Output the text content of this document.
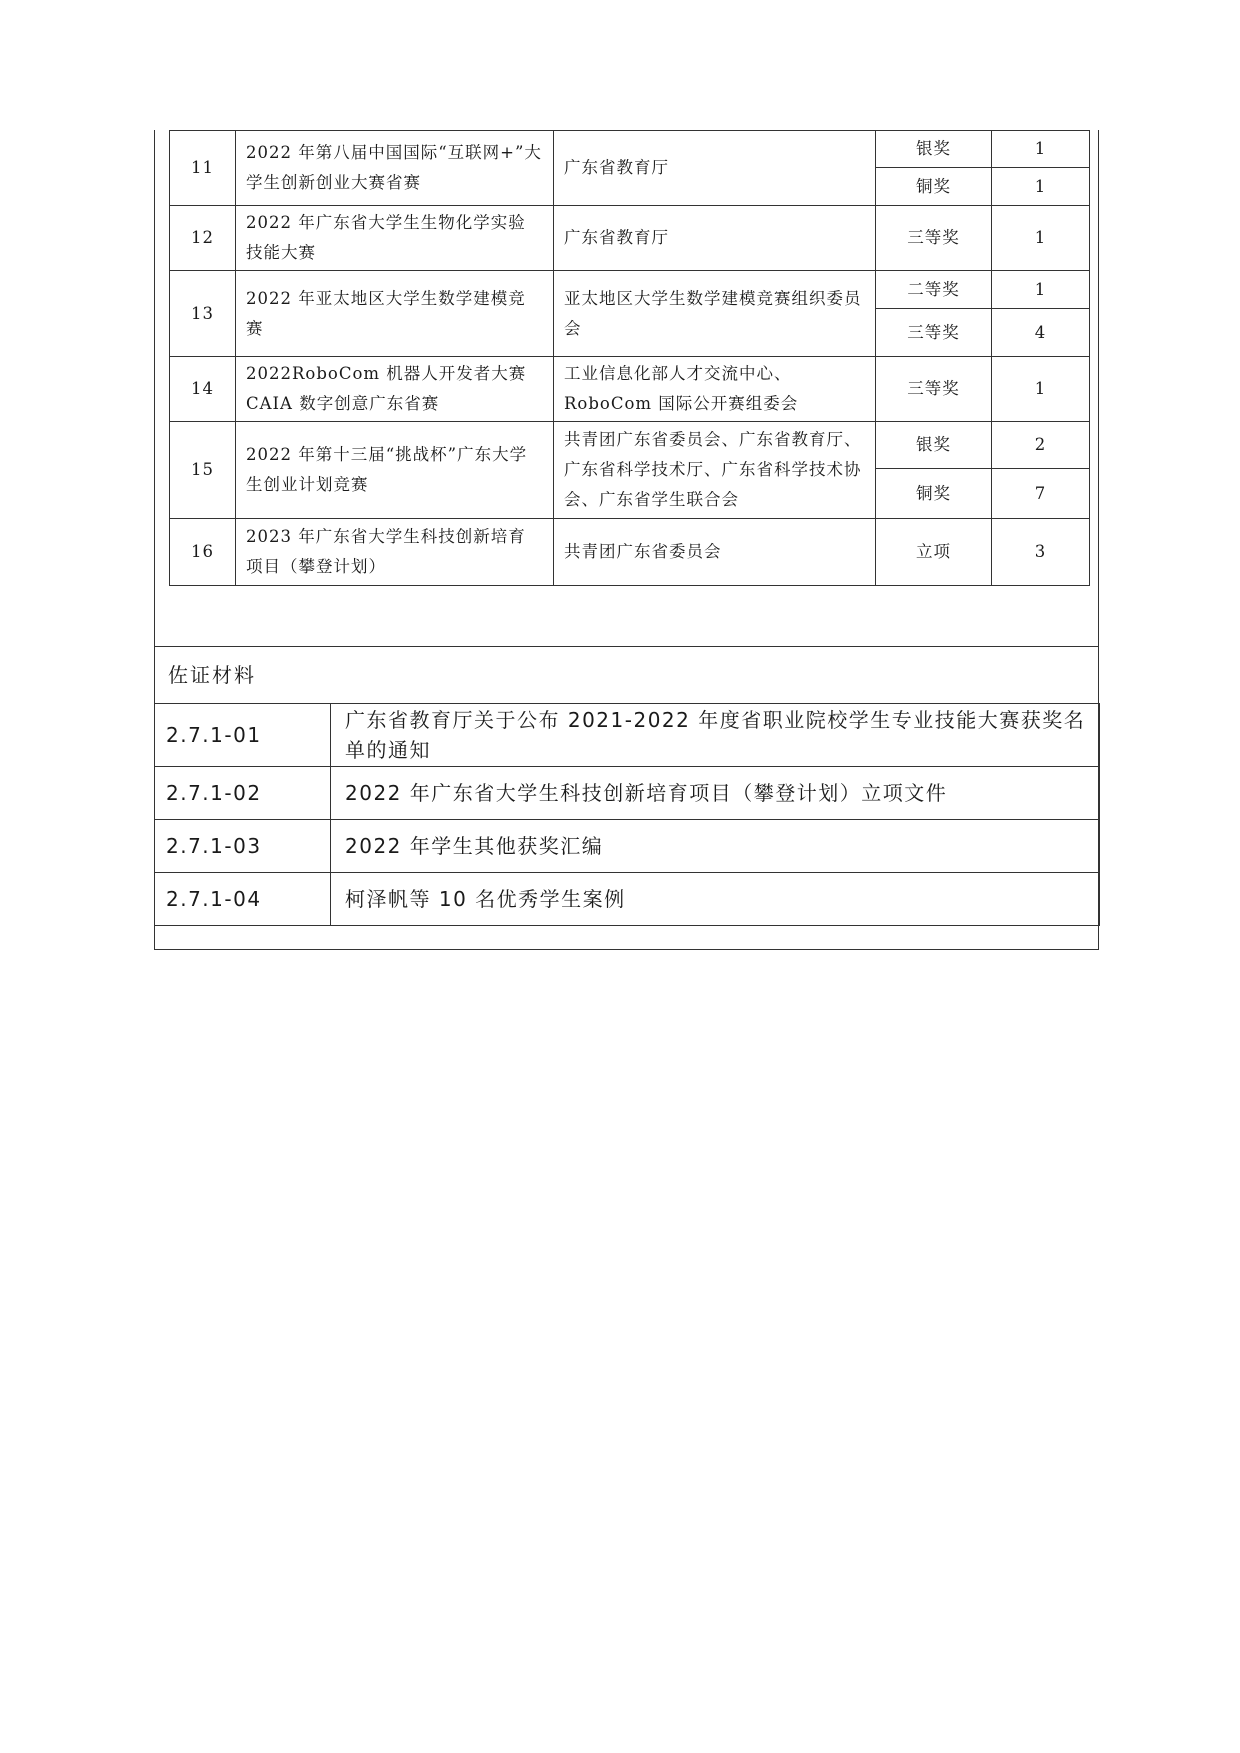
11	2022 年第八届中国国际“互联网+”大学生创新创业大赛省赛	广东省教育厅	银奖	1
			铜奖	1
12	2022 年广东省大学生生物化学实验技能大赛	广东省教育厅	三等奖	1
13	2022 年亚太地区大学生数学建模竞赛	亚太地区大学生数学建模竞赛组织委员会	二等奖	1
			三等奖	4
14	2022RoboCom 机器人开发者大赛CAIA 数字创意广东省赛	工业信息化部人才交流中心、RoboCom 国际公开赛组委会	三等奖	1
15	2022 年第十三届“挑战杯”广东大学生创业计划竞赛	共青团广东省委员会、广东省教育厅、广东省科学技术厅、广东省科学技术协会、广东省学生联合会	银奖	2
			铜奖	7
16	2023 年广东省大学生科技创新培育项目（攀登计划）	共青团广东省委员会	立项	3
佐证材料
2.7.1-01	广东省教育厅关于公布 2021-2022 年度省职业院校学生专业技能大赛获奖名单的通知
2.7.1-02	2022 年广东省大学生科技创新培育项目（攀登计划）立项文件
2.7.1-03	2022 年学生其他获奖汇编
2.7.1-04	柯泽帆等 10 名优秀学生案例
